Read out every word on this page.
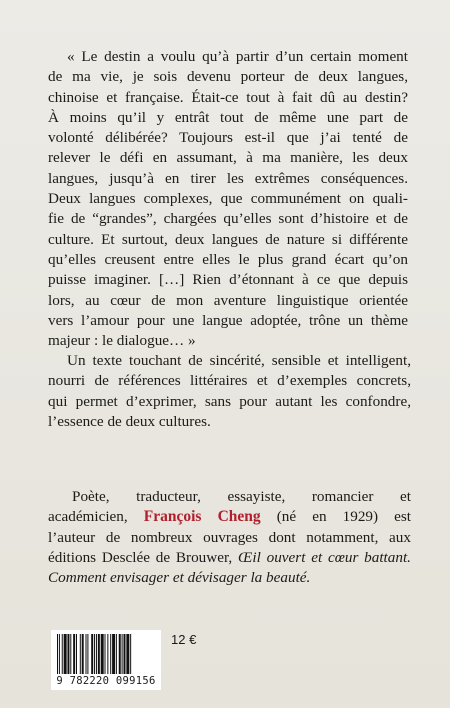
« Le destin a voulu qu’à partir d’un certain moment
de ma vie, je sois devenu porteur de deux langues,
chinoise et française. Était-ce tout à fait dû au destin?
À moins qu’il y entrât tout de même une part de
volonté délibérée? Toujours est-il que j’ai tenté de
relever le défi en assumant, à ma manière, les deux
langues, jusqu’à en tirer les extrêmes conséquences.
Deux langues complexes, que communément on quali-
fie de “grandes”, chargées qu’elles sont d’histoire et de
culture. Et surtout, deux langues de nature si différente
qu’elles creusent entre elles le plus grand écart qu’on
puisse imaginer. […] Rien d’étonnant à ce que depuis
lors, au cœur de mon aventure linguistique orientée
vers l’amour pour une langue adoptée, trône un thème
majeur : le dialogue… »

Un texte touchant de sincérité, sensible et intelligent,
nourri de références littéraires et d’exemples concrets,
qui permet d’exprimer, sans pour autant les confondre,
l’essence de deux cultures.

Poète, traducteur, essayiste, romancier et
académicien, François Cheng (né en 1929) est
l’auteur de nombreux ouvrages dont notamment, aux
éditions Desclée de Brouwer, Œil ouvert et cœur battant.
Comment envisager et dévisager la beauté.

9 782220 099156
12 €
